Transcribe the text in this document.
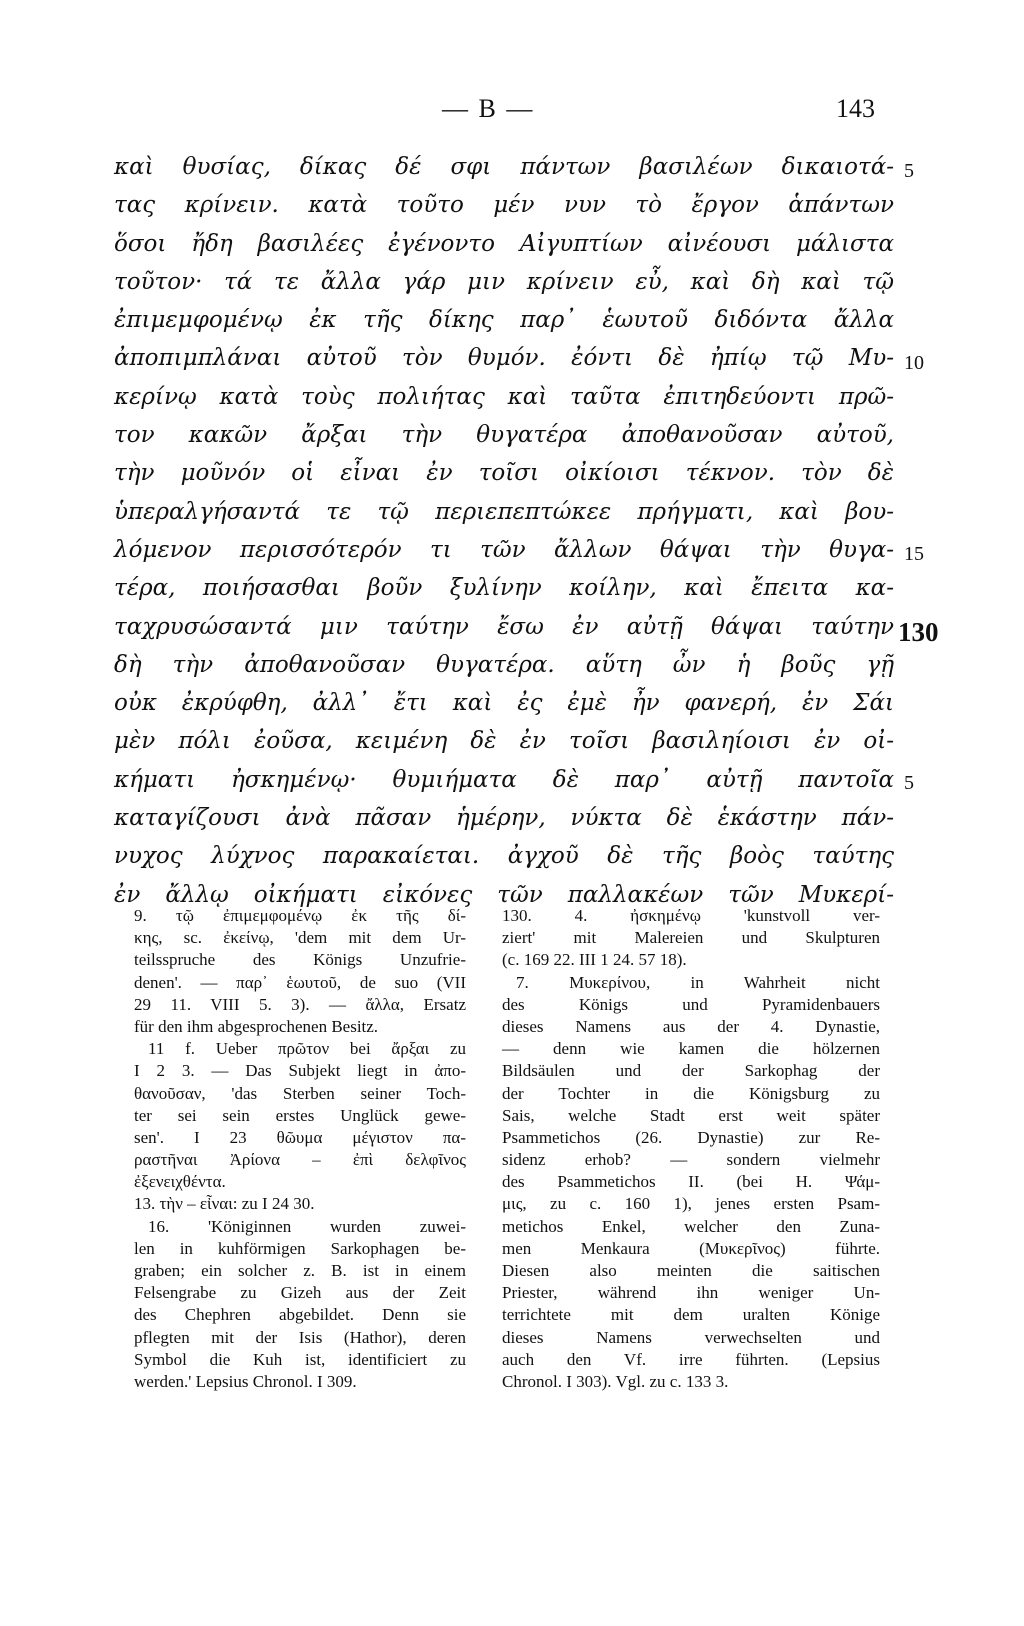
— B —	143
καὶ θυσίας, δίκας δέ σφι πάντων βασιλέων δικαιοτά-
τας κρίνειν. κατὰ τοῦτο μέν νυν τὸ ἔργον ἁπάντων
ὅσοι ἤδη βασιλέες ἐγένοντο Αἰγυπτίων αἰνέουσι μάλιστα
τοῦτον· τά τε ἄλλα γάρ μιν κρίνειν εὖ, καὶ δὴ καὶ τῷ
ἐπιμεμφομένῳ ἐκ τῆς δίκης παρ᾽ ἑωυτοῦ διδόντα ἄλλα
ἀποπιμπλάναι αὐτοῦ τὸν θυμόν. ἐόντι δὲ ἠπίῳ τῷ Μυ-
κερίνῳ κατὰ τοὺς πολιήτας καὶ ταῦτα ἐπιτηδεύοντι πρῶ-
τον κακῶν ἄρξαι τὴν θυγατέρα ἀποθανοῦσαν αὐτοῦ,
τὴν μοῦνόν οἱ εἶναι ἐν τοῖσι οἰκίοισι τέκνον. τὸν δὲ
ὑπεραλγήσαντά τε τῷ περιεπεπτώκεε πρήγματι, καὶ βου-
λόμενον περισσότερόν τι τῶν ἄλλων θάψαι τὴν θυγα-
τέρα, ποιήσασθαι βοῦν ξυλίνην κοίλην, καὶ ἔπειτα κα-
ταχρυσώσαντά μιν ταύτην ἔσω ἐν αὐτῇ θάψαι ταύτην
δὴ τὴν ἀποθανοῦσαν θυγατέρα. αὕτη ὦν ἡ βοῦς γῇ
οὐκ ἐκρύφθη, ἀλλ᾽ ἔτι καὶ ἐς ἐμὲ ἦν φανερή, ἐν Σάι
μὲν πόλι ἐοῦσα, κειμένη δὲ ἐν τοῖσι βασιληίοισι ἐν οἰ-
κήματι ἠσκημένῳ· θυμιήματα δὲ παρ᾽ αὐτῇ παντοῖα
καταγίζουσι ἀνὰ πᾶσαν ἡμέρην, νύκτα δὲ ἑκάστην πάν-
νυχος λύχνος παρακαίεται. ἀγχοῦ δὲ τῆς βοὸς ταύτης
ἐν ἄλλῳ οἰκήματι εἰκόνες τῶν παλλακέων τῶν Μυκερί-
5
10
15
130
5
9. τῷ ἐπιμεμφομένῳ ἐκ τῆς δί-
κης, sc. ἐκείνῳ, 'dem mit dem Ur-
teilsspruche des Königs Unzufrie-
denen'. — παρ᾽ ἑωυτοῦ, de suo (VII
29 11. VIII 5. 3). — ἄλλα, Ersatz
für den ihm abgesprochenen Besitz.
11 f. Ueber πρῶτον bei ἄρξαι zu
I 2 3. — Das Subjekt liegt in ἀπο-
θανοῦσαν, 'das Sterben seiner Toch-
ter sei sein erstes Unglück gewe-
sen'. I 23 θῶυμα μέγιστον πα-
ραστῆναι Ἀρίονα – ἐπὶ δελφῖνος
ἐξενειχθέντα.
13. τὴν – εἶναι: zu I 24 30.
16. 'Königinnen wurden zuwei-
len in kuhförmigen Sarkophagen be-
graben; ein solcher z. B. ist in einem
Felsengrabe zu Gizeh aus der Zeit
des Chephren abgebildet. Denn sie
pflegten mit der Isis (Hathor), deren
Symbol die Kuh ist, identificiert zu
werden.' Lepsius Chronol. I 309.
130. 4. ἠσκημένῳ 'kunstvoll ver-
ziert' mit Malereien und Skulpturen
(c. 169 22. III 1 24. 57 18).
7. Μυκερίνου, in Wahrheit nicht
des Königs und Pyramidenbauers
dieses Namens aus der 4. Dynastie,
— denn wie kamen die hölzernen
Bildsäulen und der Sarkophag der
der Tochter in die Königsburg zu
Sais, welche Stadt erst weit später
Psammetichos (26. Dynastie) zur Re-
sidenz erhob? — sondern vielmehr
des Psammetichos II. (bei H. Ψάμ-
μις, zu c. 160 1), jenes ersten Psam-
metichos Enkel, welcher den Zuna-
men Menkaura (Μυκερῖνος) führte.
Diesen also meinten die saitischen
Priester, während ihn weniger Un-
terrichtete mit dem uralten Könige
dieses Namens verwechselten und
auch den Vf. irre führten. (Lepsius
Chronol. I 303). Vgl. zu c. 133 3.
